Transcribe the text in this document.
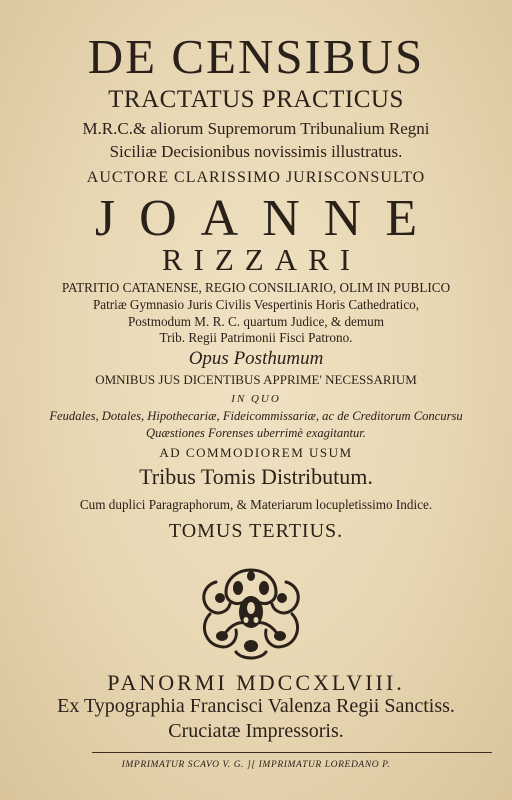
DE CENSIBUS
TRACTATUS PRACTICUS
M.R.C.& aliorum Supremorum Tribunalium Regni
Siciliæ Decisionibus novissimis illustratus.
AUCTORE CLARISSIMO JURISCONSULTO
JOANNE
RIZZARI
PATRITIO CATANENSE, REGIO CONSILIARIO, OLIM IN PUBLICO
Patriæ Gymnasio Juris Civilis Vespertinis Horis Cathedratico,
Postmodum M. R. C. quartum Judice, & demum
Trib. Regii Patrimonii Fisci Patrono.
Opus Posthumum
OMNIBUS JUS DICENTIBUS APPRIME' NECESSARIUM
IN QUO
Feudales, Dotales, Hipothecariæ, Fideicommissariæ, ac de Creditorum Concursu
Quæstiones Forenses uberrimè exagitantur.
AD COMMODIOREM USUM
Tribus Tomis Distributum.
Cum duplici Paragraphorum, & Materiarum locupletissimo Indice.
TOMUS TERTIUS.
PANORMI MDCCXLVIII.
Ex Typographia Francisci Valenza Regii Sanctiss.
Cruciatæ Impressoris.
IMPRIMATUR SCAVO V. G. ][ IMPRIMATUR LOREDANO P.
